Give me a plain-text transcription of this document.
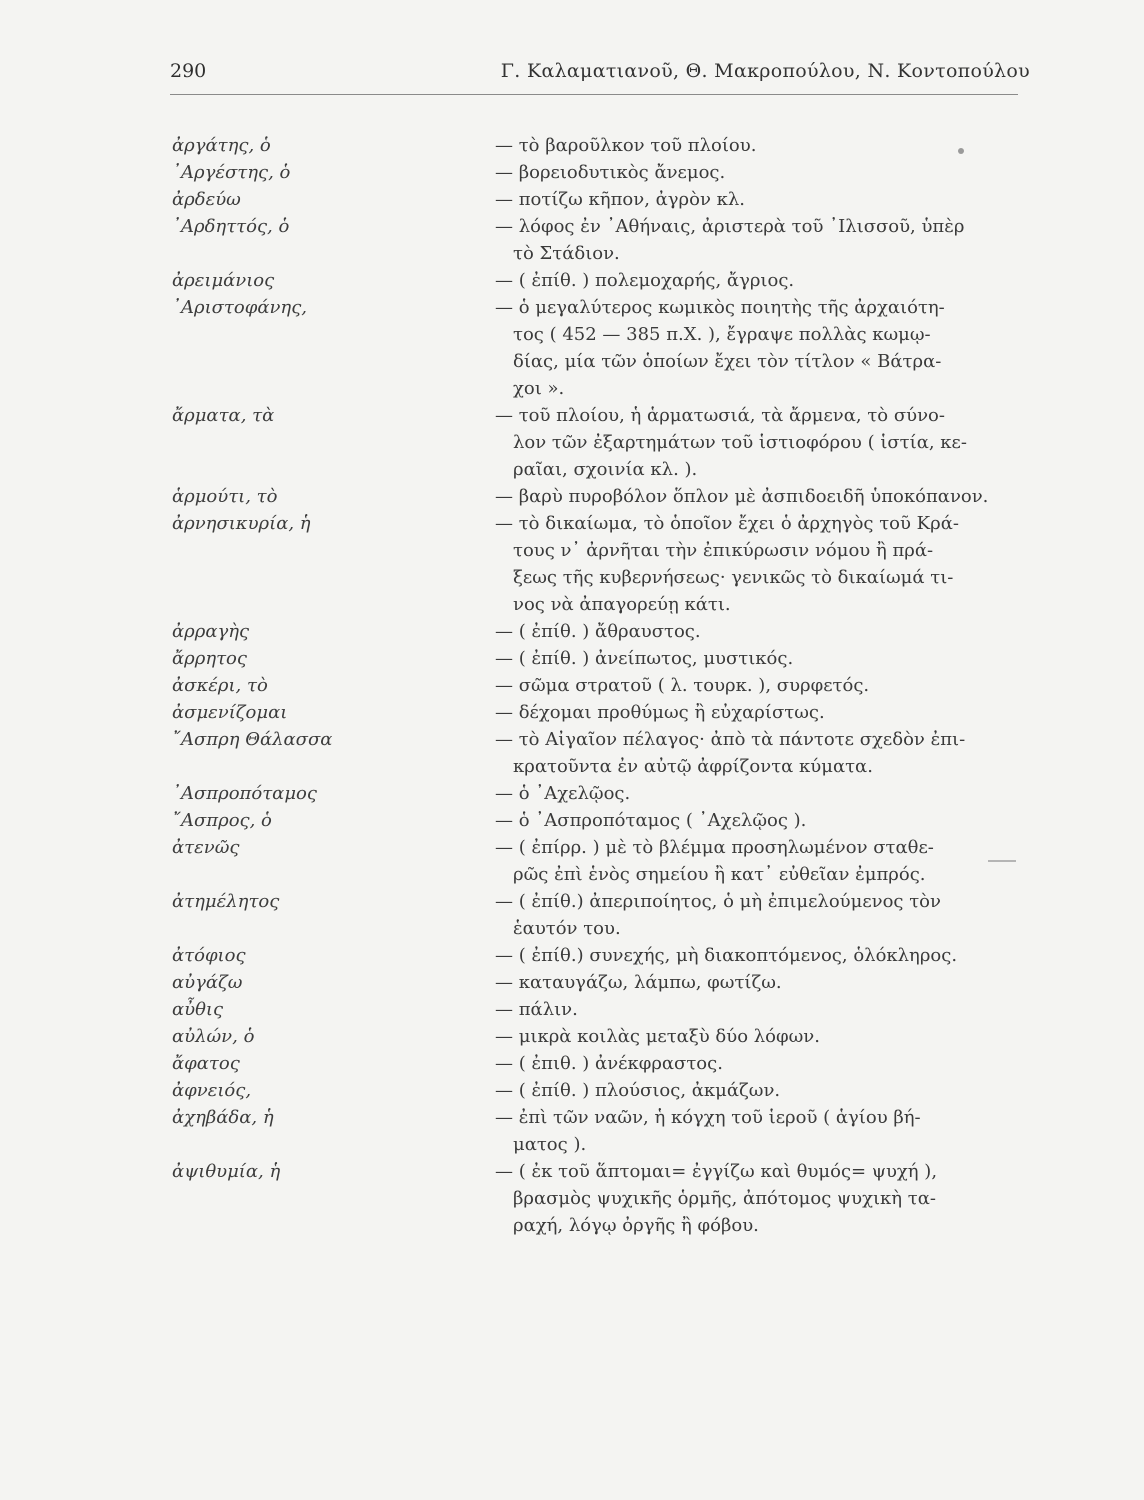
290	Γ. Καλαματιανοῦ, Θ. Μακροπούλου, Ν. Κοντοπούλου
ἀργάτης, ὁ	— τὸ βαροῦλκον τοῦ πλοίου.
᾿Αργέστης, ὁ	— βορειοδυτικὸς ἄνεμος.
ἀρδεύω	— ποτίζω κῆπον, ἀγρὸν κλ.
᾿Αρδηττός, ὁ	— λόφος ἐν ᾿Αθήναις, ἀριστερὰ τοῦ ᾿Ιλισσοῦ, ὑπὲρ
τὸ Στάδιον.
ἀρειμάνιος	— ( ἐπίθ. ) πολεμοχαρής, ἄγριος.
᾿Αριστοφάνης,	— ὁ μεγαλύτερος κωμικὸς ποιητὴς τῆς ἀρχαιότη-
τος ( 452 — 385 π.Χ. ), ἔγραψε πολλὰς κωμῳ-
δίας, μία τῶν ὁποίων ἔχει τὸν τίτλον « Βάτρα-
χοι ».
ἄρματα, τὰ	— τοῦ πλοίου, ἡ ἁρματωσιά, τὰ ἄρμενα, τὸ σύνο-
λον τῶν ἐξαρτημάτων τοῦ ἱστιοφόρου ( ἱστία, κε-
ραῖαι, σχοινία κλ. ).
ἁρμούτι, τὸ	— βαρὺ πυροβόλον ὅπλον μὲ ἀσπιδοειδῆ ὑποκόπανον.
ἀρνησικυρία, ἡ	— τὸ δικαίωμα, τὸ ὁποῖον ἔχει ὁ ἀρχηγὸς τοῦ Κρά-
τους ν᾿ ἀρνῆται τὴν ἐπικύρωσιν νόμου ἢ πρά-
ξεως τῆς κυβερνήσεως· γενικῶς τὸ δικαίωμά τι-
νος νὰ ἀπαγορεύῃ κάτι.
ἀρραγὴς	— ( ἐπίθ. ) ἄθραυστος.
ἄρρητος	— ( ἐπίθ. ) ἀνείπωτος, μυστικός.
ἀσκέρι, τὸ	— σῶμα στρατοῦ ( λ. τουρκ. ), συρφετός.
ἀσμενίζομαι	— δέχομαι προθύμως ἢ εὐχαρίστως.
῎Ασπρη Θάλασσα	— τὸ Αἰγαῖον πέλαγος· ἀπὸ τὰ πάντοτε σχεδὸν ἐπι-
κρατοῦντα ἐν αὐτῷ ἀφρίζοντα κύματα.
᾿Ασπροπόταμος	— ὁ ᾿Αχελῷος.
῎Ασπρος, ὁ	— ὁ ᾿Ασπροπόταμος ( ᾿Αχελῷος ).
ἀτενῶς	— ( ἐπίρρ. ) μὲ τὸ βλέμμα προσηλωμένον σταθε-
ρῶς ἐπὶ ἑνὸς σημείου ἢ κατ᾿ εὐθεῖαν ἐμπρός.
ἀτημέλητος	— ( ἐπίθ.) ἀπεριποίητος, ὁ μὴ ἐπιμελούμενος τὸν
ἑαυτόν του.
ἀτόφιος	— ( ἐπίθ.) συνεχής, μὴ διακοπτόμενος, ὁλόκληρος.
αὐγάζω	— καταυγάζω, λάμπω, φωτίζω.
αὖθις	— πάλιν.
αὐλών, ὁ	— μικρὰ κοιλὰς μεταξὺ δύο λόφων.
ἄφατος	— ( ἐπιθ. ) ἀνέκφραστος.
ἀφνειός,	— ( ἐπίθ. ) πλούσιος, ἀκμάζων.
ἀχηβάδα, ἡ	— ἐπὶ τῶν ναῶν, ἡ κόγχη τοῦ ἱεροῦ ( ἁγίου βή-
ματος ).
ἀψιθυμία, ἡ	— ( ἐκ τοῦ ἅπτομαι= ἐγγίζω καὶ θυμός= ψυχή ),
βρασμὸς ψυχικῆς ὁρμῆς, ἀπότομος ψυχικὴ τα-
ραχή, λόγῳ ὀργῆς ἢ φόβου.
